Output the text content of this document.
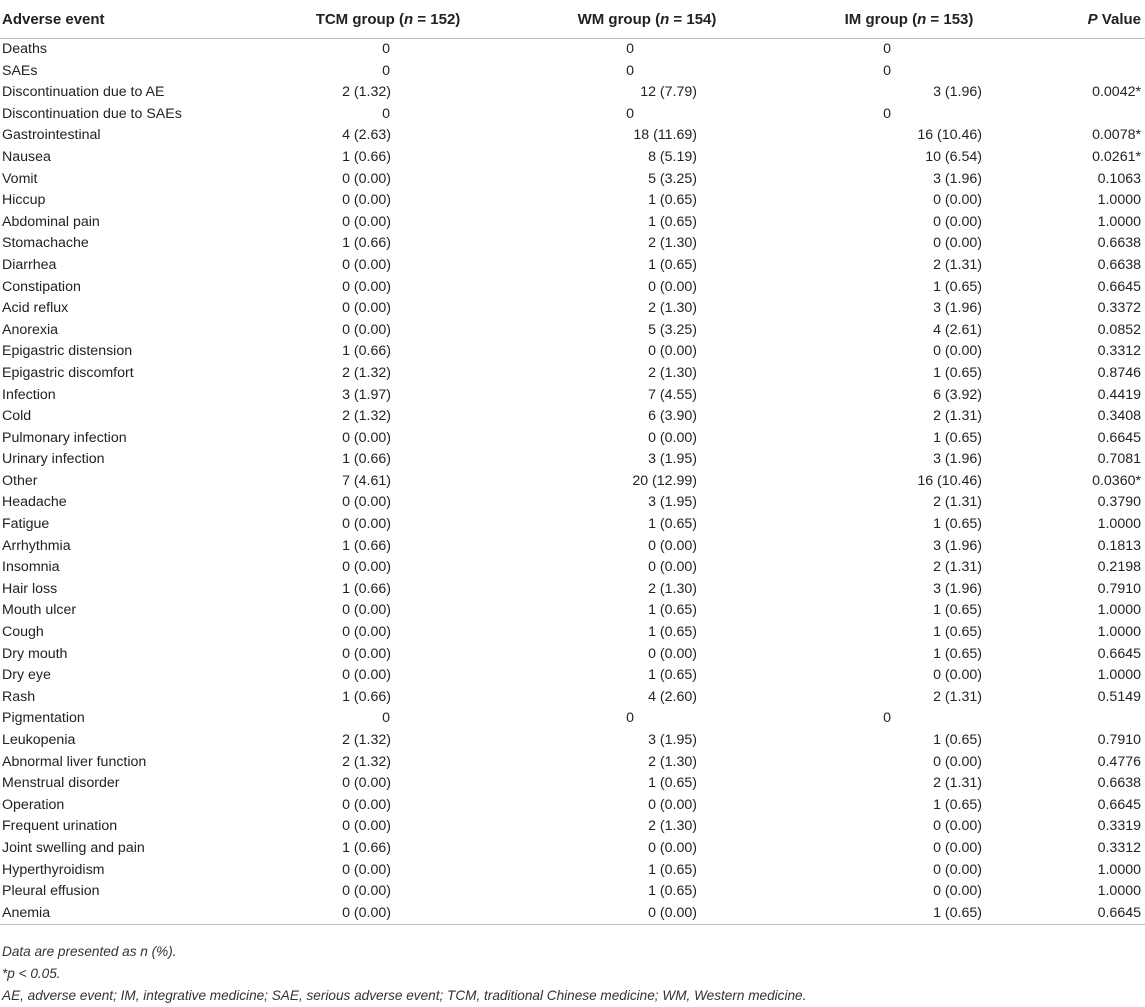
Adverse event	TCM group (n = 152)	WM group (n = 154)	IM group (n = 153)	P Value
Deaths	0	0	0	
SAEs	0	0	0	
Discontinuation due to AE	2 (1.32)	12 (7.79)	3 (1.96)	0.0042*
Discontinuation due to SAEs	0	0	0	
Gastrointestinal	4 (2.63)	18 (11.69)	16 (10.46)	0.0078*
Nausea	1 (0.66)	8 (5.19)	10 (6.54)	0.0261*
Vomit	0 (0.00)	5 (3.25)	3 (1.96)	0.1063
Hiccup	0 (0.00)	1 (0.65)	0 (0.00)	1.0000
Abdominal pain	0 (0.00)	1 (0.65)	0 (0.00)	1.0000
Stomachache	1 (0.66)	2 (1.30)	0 (0.00)	0.6638
Diarrhea	0 (0.00)	1 (0.65)	2 (1.31)	0.6638
Constipation	0 (0.00)	0 (0.00)	1 (0.65)	0.6645
Acid reflux	0 (0.00)	2 (1.30)	3 (1.96)	0.3372
Anorexia	0 (0.00)	5 (3.25)	4 (2.61)	0.0852
Epigastric distension	1 (0.66)	0 (0.00)	0 (0.00)	0.3312
Epigastric discomfort	2 (1.32)	2 (1.30)	1 (0.65)	0.8746
Infection	3 (1.97)	7 (4.55)	6 (3.92)	0.4419
Cold	2 (1.32)	6 (3.90)	2 (1.31)	0.3408
Pulmonary infection	0 (0.00)	0 (0.00)	1 (0.65)	0.6645
Urinary infection	1 (0.66)	3 (1.95)	3 (1.96)	0.7081
Other	7 (4.61)	20 (12.99)	16 (10.46)	0.0360*
Headache	0 (0.00)	3 (1.95)	2 (1.31)	0.3790
Fatigue	0 (0.00)	1 (0.65)	1 (0.65)	1.0000
Arrhythmia	1 (0.66)	0 (0.00)	3 (1.96)	0.1813
Insomnia	0 (0.00)	0 (0.00)	2 (1.31)	0.2198
Hair loss	1 (0.66)	2 (1.30)	3 (1.96)	0.7910
Mouth ulcer	0 (0.00)	1 (0.65)	1 (0.65)	1.0000
Cough	0 (0.00)	1 (0.65)	1 (0.65)	1.0000
Dry mouth	0 (0.00)	0 (0.00)	1 (0.65)	0.6645
Dry eye	0 (0.00)	1 (0.65)	0 (0.00)	1.0000
Rash	1 (0.66)	4 (2.60)	2 (1.31)	0.5149
Pigmentation	0	0	0	
Leukopenia	2 (1.32)	3 (1.95)	1 (0.65)	0.7910
Abnormal liver function	2 (1.32)	2 (1.30)	0 (0.00)	0.4776
Menstrual disorder	0 (0.00)	1 (0.65)	2 (1.31)	0.6638
Operation	0 (0.00)	0 (0.00)	1 (0.65)	0.6645
Frequent urination	0 (0.00)	2 (1.30)	0 (0.00)	0.3319
Joint swelling and pain	1 (0.66)	0 (0.00)	0 (0.00)	0.3312
Hyperthyroidism	0 (0.00)	1 (0.65)	0 (0.00)	1.0000
Pleural effusion	0 (0.00)	1 (0.65)	0 (0.00)	1.0000
Anemia	0 (0.00)	0 (0.00)	1 (0.65)	0.6645
Data are presented as n (%).
*p < 0.05.
AE, adverse event; IM, integrative medicine; SAE, serious adverse event; TCM, traditional Chinese medicine; WM, Western medicine.
